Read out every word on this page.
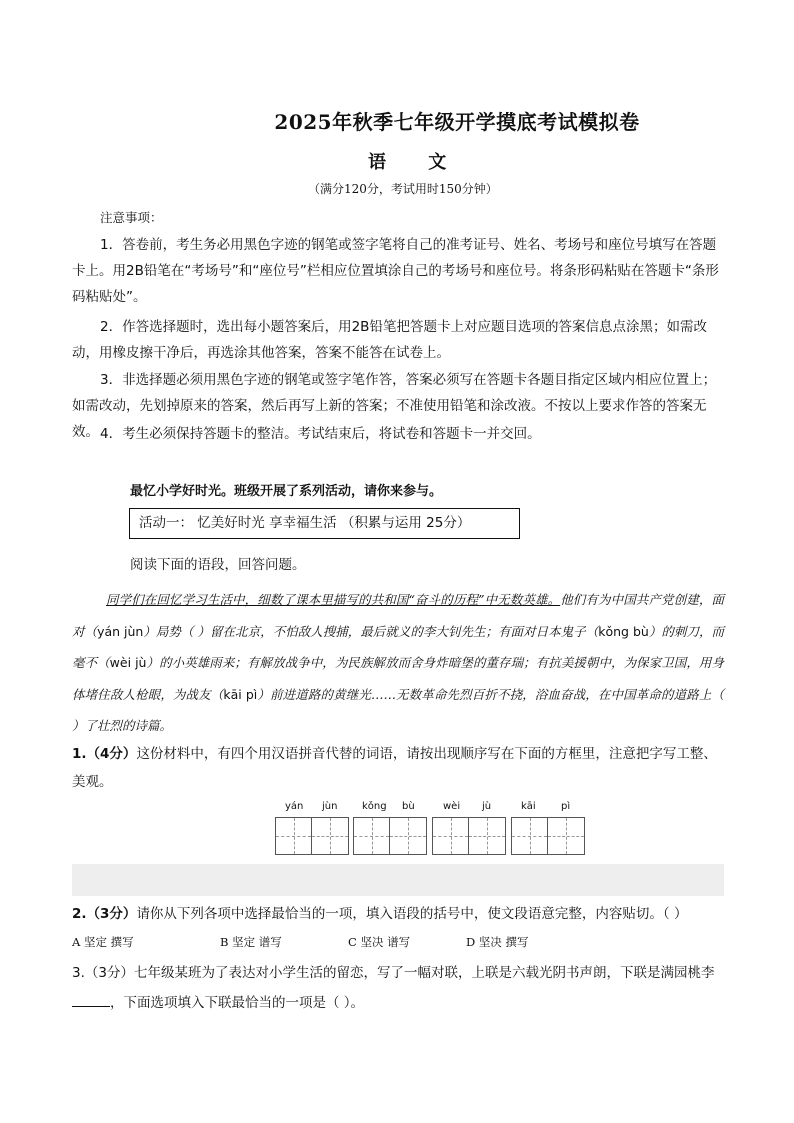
2025年秋季七年级开学摸底考试模拟卷
语 文
（满分120分，考试用时150分钟）
注意事项：
1．答卷前，考生务必用黑色字迹的钢笔或签字笔将自己的准考证号、姓名、考场号和座位号填写在答题卡上。用2B铅笔在“考场号”和“座位号”栏相应位置填涂自己的考场号和座位号。将条形码粘贴在答题卡“条形码粘贴处”。
2．作答选择题时，选出每小题答案后，用2B铅笔把答题卡上对应题目选项的答案信息点涂黑；如需改动，用橡皮擦干净后，再选涂其他答案，答案不能答在试卷上。
3．非选择题必须用黑色字迹的钢笔或签字笔作答，答案必须写在答题卡各题目指定区域内相应位置上；如需改动，先划掉原来的答案，然后再写上新的答案；不准使用铅笔和涂改液。不按以上要求作答的答案无效。 4．考生必须保持答题卡的整洁。考试结束后，将试卷和答题卡一并交回。
最忆小学好时光。班级开展了系列活动，请你来参与。
活动一： 忆美好时光 享幸福生活 （积累与运用 25分）
阅读下面的语段，回答问题。
同学们在回忆学习生活中，细数了课本里描写的共和国“奋斗的历程”中无数英雄。他们有为中国共产党创建，面对（yán jùn）局势（ ）留在北京，不怕敌人搜捕，最后就义的李大钊先生；有面对日本鬼子（kǒng bù）的刺刀，而毫不（wèi jù）的小英雄雨来；有解放战争中，为民族解放而舍身炸暗堡的董存瑞；有抗美援朝中，为保家卫国，用身体堵住敌人枪眼，为战友（kāi pì）前进道路的黄继光……无数革命先烈百折不挠，浴血奋战，在中国革命的道路上（ ）了壮烈的诗篇。
1.（4分）这份材料中，有四个用汉语拼音代替的词语，请按出现顺序写在下面的方框里，注意把字写工整、美观。
yán jùn kǒng bù	wèi jù	kāi	pì
2.（3分）请你从下列各项中选择最恰当的一项，填入语段的括号中，使文段语意完整，内容贴切。（ ）
A 坚定 撰写	B 坚定 谱写	C 坚决 谱写	D 坚决 撰写
3.（3分）七年级某班为了表达对小学生活的留恋，写了一幅对联，上联是六载光阴书声朗，下联是满园桃李，下面选项填入下联最恰当的一项是（ ）。
